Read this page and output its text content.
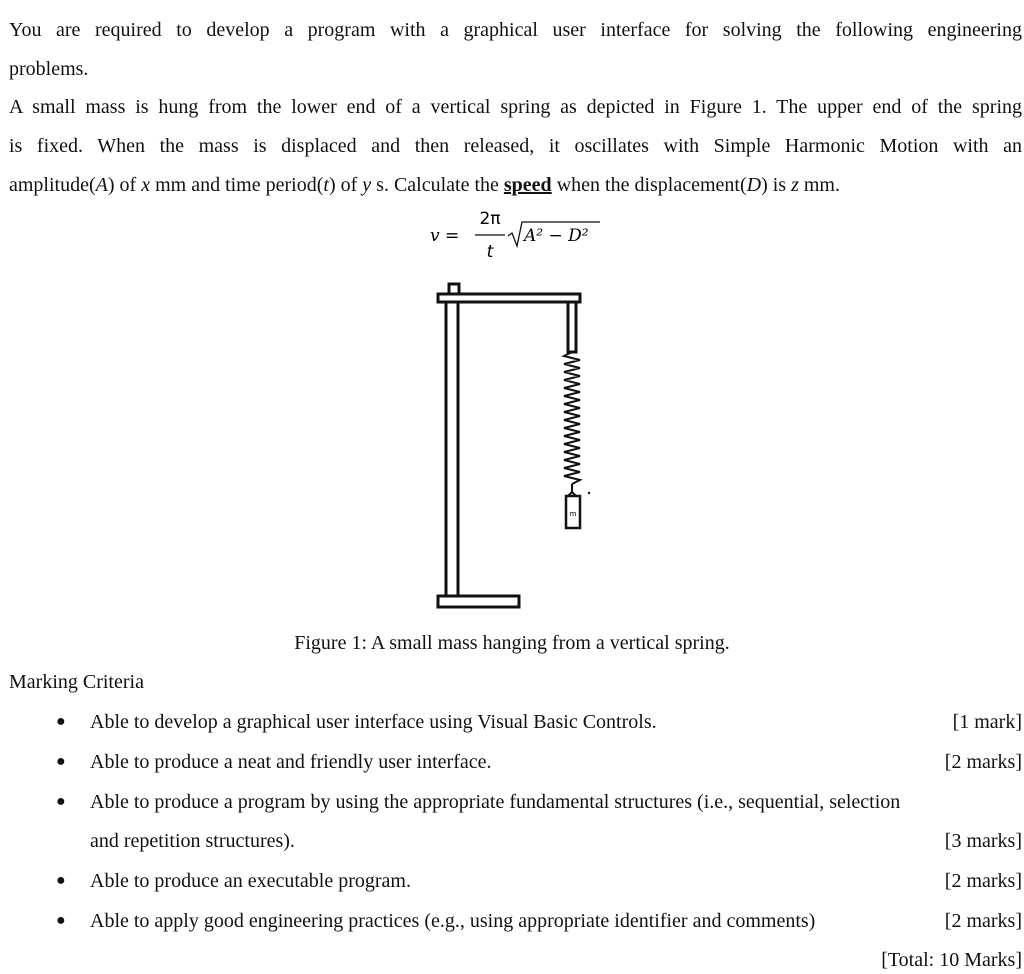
You are required to develop a program with a graphical user interface for solving the following engineering
problems.
A small mass is hung from the lower end of a vertical spring as depicted in Figure 1. The upper end of the spring
is fixed. When the mass is displaced and then released, it oscillates with Simple Harmonic Motion with an
amplitude(A) of x mm and time period(t) of y s. Calculate the speed when the displacement(D) is z mm.
v =
2π
t
A² − D²
m
Figure 1: A small mass hanging from a vertical spring.
Marking Criteria
● Able to develop a graphical user interface using Visual Basic Controls.	[1 mark]
● Able to produce a neat and friendly user interface.	[2 marks]
● Able to produce a program by using the appropriate fundamental structures (i.e., sequential, selection
and repetition structures).	[3 marks]
● Able to produce an executable program.	[2 marks]
● Able to apply good engineering practices (e.g., using appropriate identifier and comments)	[2 marks]
[Total: 10 Marks]
